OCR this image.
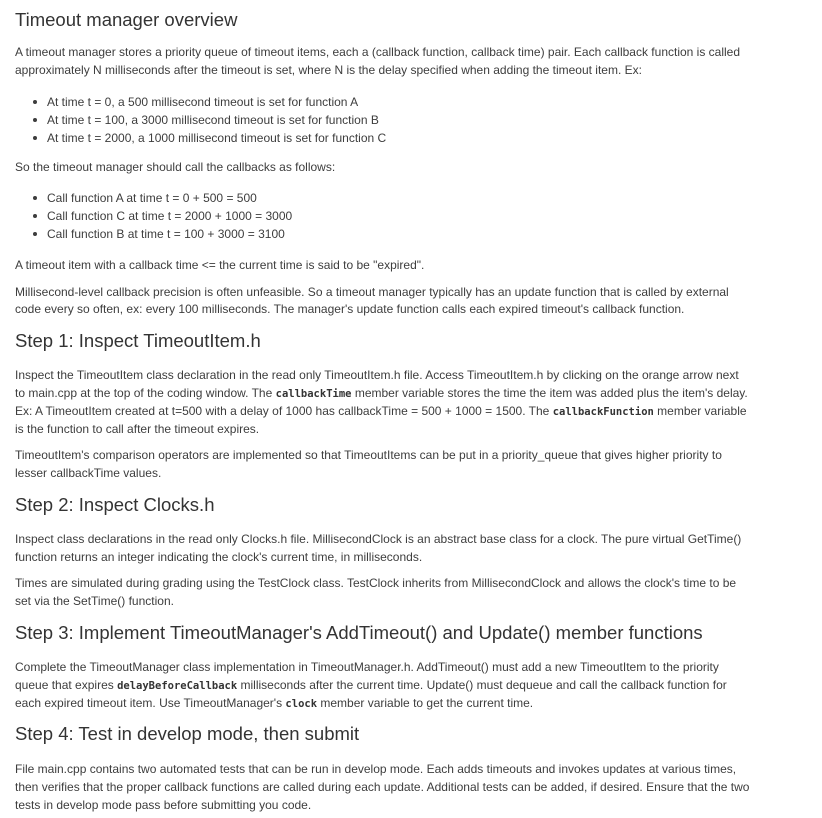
Timeout manager overview

A timeout manager stores a priority queue of timeout items, each a (callback function, callback time) pair. Each callback function is called

approximately N milliseconds after the timeout is set, where N is the delay specified when adding the timeout item. Ex:

At time t = 0, a 500 millisecond timeout is set for function A
At time t = 100, a 3000 millisecond timeout is set for function B
At time t = 2000, a 1000 millisecond timeout is set for function C

So the timeout manager should call the callbacks as follows:

Call function A at time t = 0 + 500 = 500
Call function C at time t = 2000 + 1000 = 3000
Call function B at time t = 100 + 3000 = 3100

A timeout item with a callback time <= the current time is said to be "expired".

Millisecond-level callback precision is often unfeasible. So a timeout manager typically has an update function that is called by external

code every so often, ex: every 100 milliseconds. The manager's update function calls each expired timeout's callback function.

Step 1: Inspect TimeoutItem.h

Inspect the TimeoutItem class declaration in the read only TimeoutItem.h file. Access TimeoutItem.h by clicking on the orange arrow next

to main.cpp at the top of the coding window. The callbackTime member variable stores the time the item was added plus the item's delay.

Ex: A TimeoutItem created at t=500 with a delay of 1000 has callbackTime = 500 + 1000 = 1500. The callbackFunction member variable

is the function to call after the timeout expires.

TimeoutItem's comparison operators are implemented so that TimeoutItems can be put in a priority_queue that gives higher priority to

lesser callbackTime values.

Step 2: Inspect Clocks.h

Inspect class declarations in the read only Clocks.h file. MillisecondClock is an abstract base class for a clock. The pure virtual GetTime()

function returns an integer indicating the clock's current time, in milliseconds.

Times are simulated during grading using the TestClock class. TestClock inherits from MillisecondClock and allows the clock's time to be

set via the SetTime() function.

Step 3: Implement TimeoutManager's AddTimeout() and Update() member functions

Complete the TimeoutManager class implementation in TimeoutManager.h. AddTimeout() must add a new TimeoutItem to the priority

queue that expires delayBeforeCallback milliseconds after the current time. Update() must dequeue and call the callback function for

each expired timeout item. Use TimeoutManager's clock member variable to get the current time.

Step 4: Test in develop mode, then submit

File main.cpp contains two automated tests that can be run in develop mode. Each adds timeouts and invokes updates at various times,

then verifies that the proper callback functions are called during each update. Additional tests can be added, if desired. Ensure that the two

tests in develop mode pass before submitting you code.
